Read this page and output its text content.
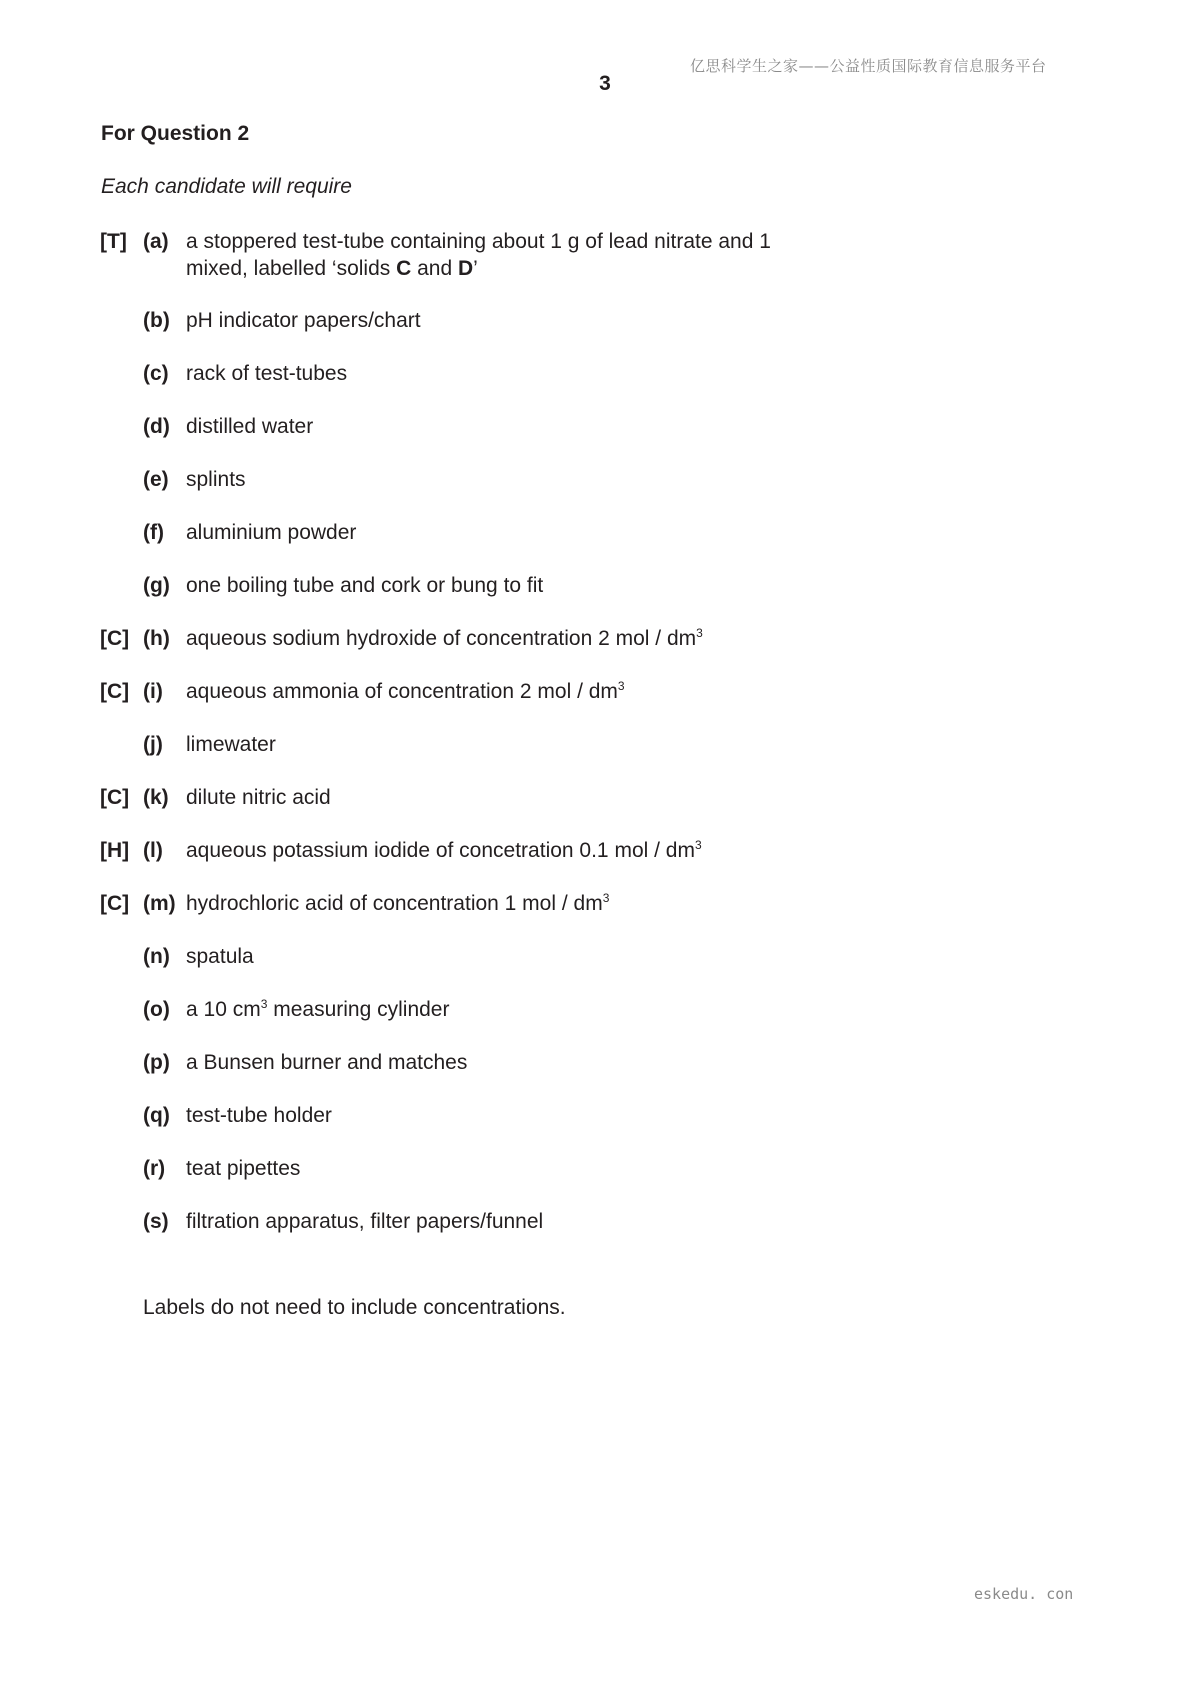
亿思科学生之家——公益性质国际教育信息服务平台
3
For Question 2
Each candidate will require
[T] (a) a stoppered test-tube containing about 1 g of lead nitrate and 1
mixed, labelled ‘solids C and D’
(b) pH indicator papers/chart
(c) rack of test-tubes
(d) distilled water
(e) splints
(f) aluminium powder
(g) one boiling tube and cork or bung to fit
[C] (h) aqueous sodium hydroxide of concentration 2 mol / $dm^3$
[C] (i) aqueous ammonia of concentration 2 mol / $dm^3$
(j) limewater
[C] (k) dilute nitric acid
[H] (l) aqueous potassium iodide of concetration 0.1 mol / $dm^3$
[C] (m) hydrochloric acid of concentration 1 mol / $dm^3$
(n) spatula
(o) a 10 $cm^3$ measuring cylinder
(p) a Bunsen burner and matches
(q) test-tube holder
(r) teat pipettes
(s) filtration apparatus, filter papers/funnel
Labels do not need to include concentrations.
eskedu. con
